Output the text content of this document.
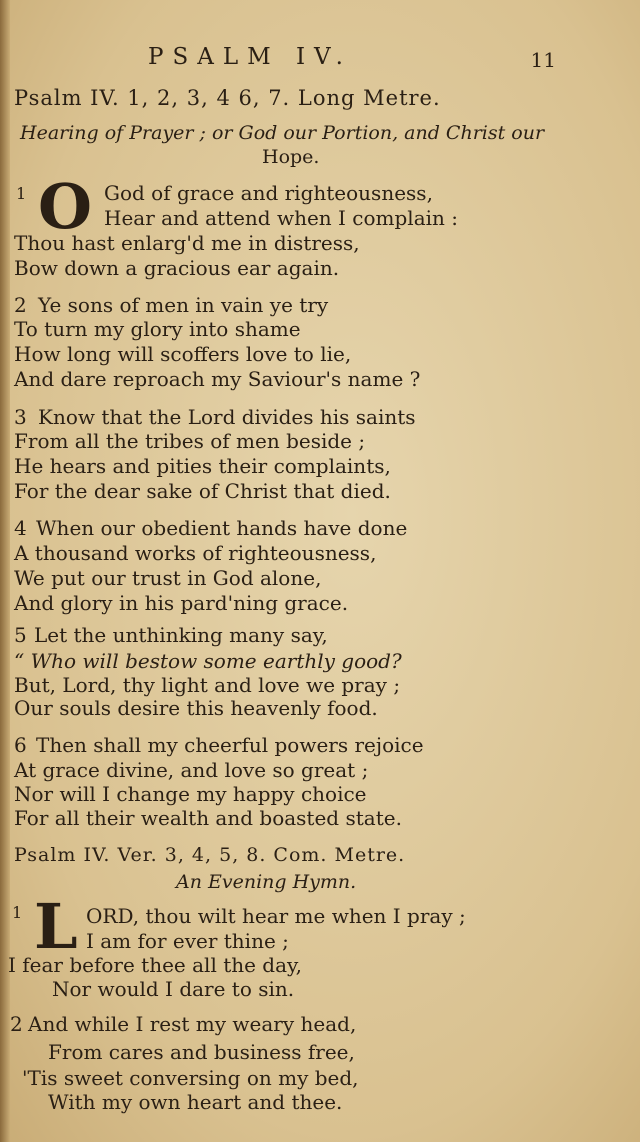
PSALM IV.	11
Psalm IV. 1, 2, 3, 4 6, 7. Long Metre.
Hearing of Prayer ; or God our Portion, and Christ our
Hope.
1 O God of grace and righteousness,
Hear and attend when I complain :
Thou hast enlarg'd me in distress,
Bow down a gracious ear again.
2 Ye sons of men in vain ye try
To turn my glory into shame
How long will scoffers love to lie,
And dare reproach my Saviour's name ?
3 Know that the Lord divides his saints
From all the tribes of men beside ;
He hears and pities their complaints,
For the dear sake of Christ that died.
4 When our obedient hands have done
A thousand works of righteousness,
We put our trust in God alone,
And glory in his pard'ning grace.
5 Let the unthinking many say,
“ Who will bestow some earthly good?
But, Lord, thy light and love we pray ;
Our souls desire this heavenly food.
6 Then shall my cheerful powers rejoice
At grace divine, and love so great ;
Nor will I change my happy choice
For all their wealth and boasted state.
Psalm IV. Ver. 3, 4, 5, 8. Com. Metre.
An Evening Hymn.
1 L ORD, thou wilt hear me when I pray ;
I am for ever thine ;
I fear before thee all the day,
Nor would I dare to sin.
2 And while I rest my weary head,
From cares and business free,
'Tis sweet conversing on my bed,
With my own heart and thee.
